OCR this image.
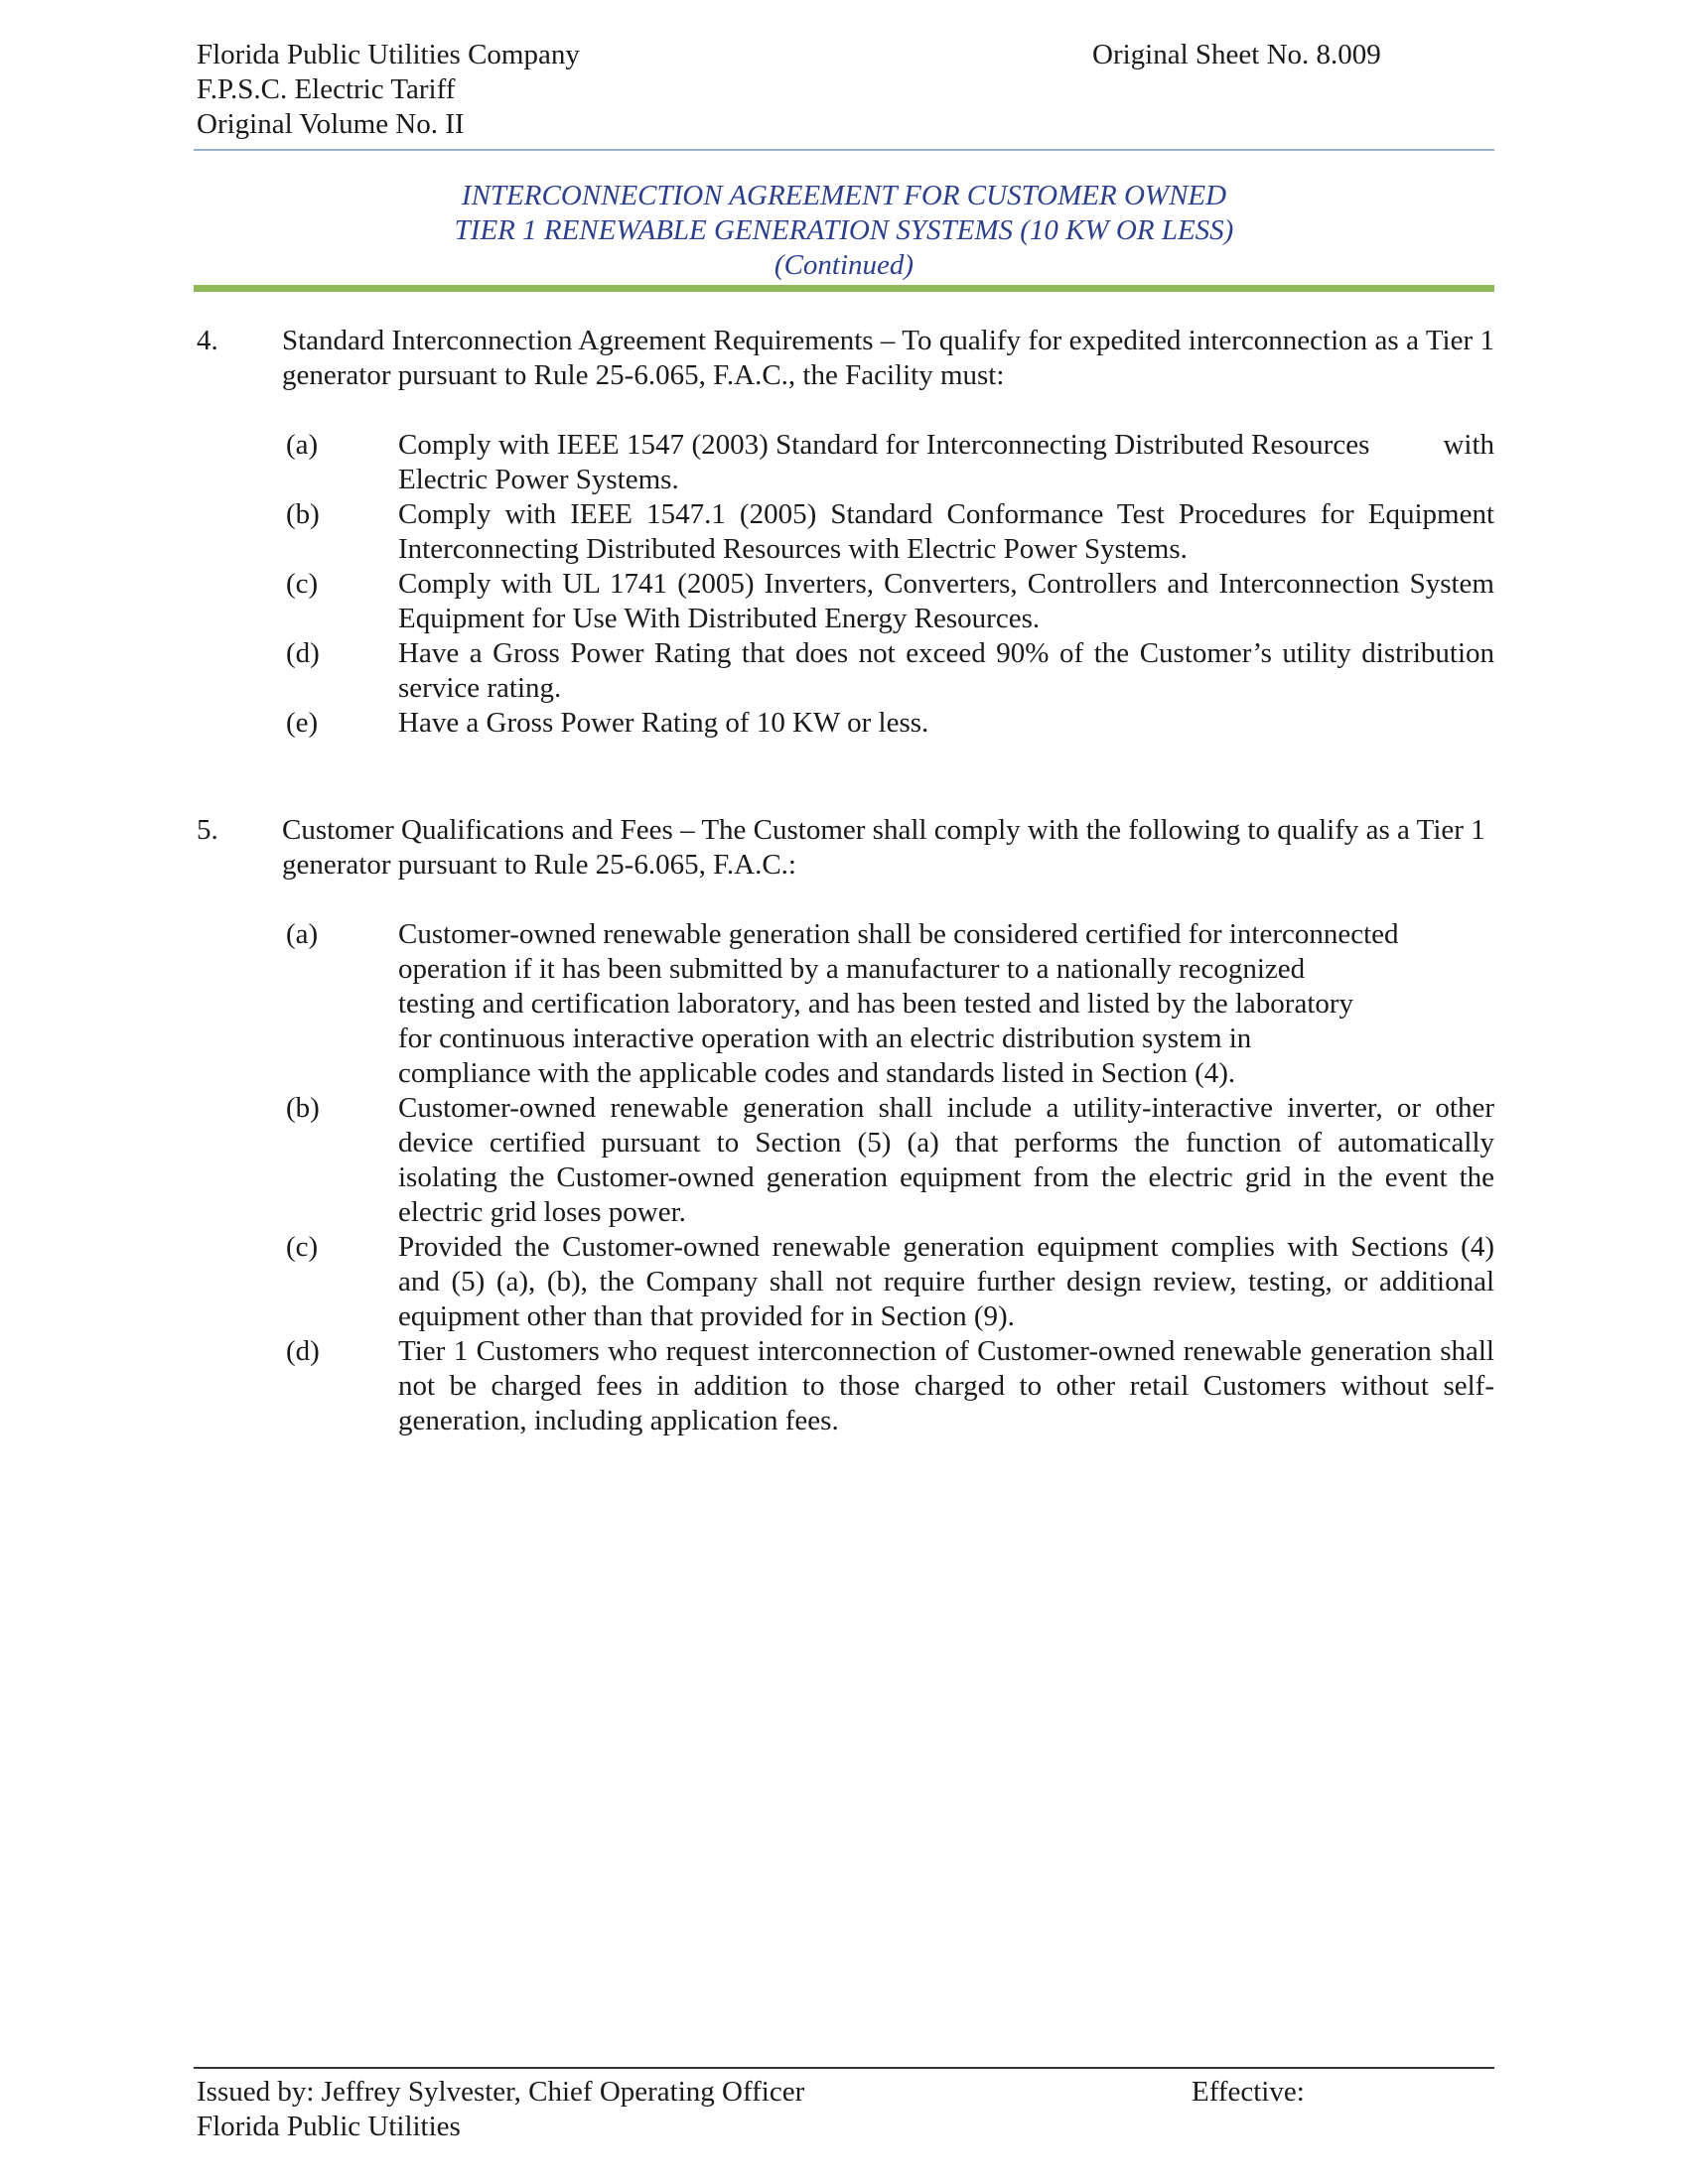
Florida Public Utilities Company
F.P.S.C. Electric Tariff
Original Volume No. II
Original Sheet No. 8.009
INTERCONNECTION AGREEMENT FOR CUSTOMER OWNED
TIER 1 RENEWABLE GENERATION SYSTEMS (10 KW OR LESS)
(Continued)
4. Standard Interconnection Agreement Requirements – To qualify for expedited interconnection as a Tier 1 generator pursuant to Rule 25-6.065, F.A.C., the Facility must:
(a)	Comply with IEEE 1547 (2003) Standard for Interconnecting Distributed Resources          with Electric Power Systems.
(b)	Comply with IEEE 1547.1 (2005) Standard Conformance Test Procedures for Equipment Interconnecting Distributed Resources with Electric Power Systems.
(c)	Comply with UL 1741 (2005) Inverters, Converters, Controllers and Interconnection System Equipment for Use With Distributed Energy Resources.
(d)	Have a Gross Power Rating that does not exceed 90% of the Customer’s utility distribution service rating.
(e)	Have a Gross Power Rating of 10 KW or less.
5. Customer Qualifications and Fees – The Customer shall comply with the following to qualify as a Tier 1 generator pursuant to Rule 25-6.065, F.A.C.:
(a)	Customer-owned renewable generation shall be considered certified for interconnected
operation if it has been submitted by a manufacturer to a nationally recognized
testing and certification laboratory, and has been tested and listed by the laboratory
for continuous interactive operation with an electric distribution system in
compliance with the applicable codes and standards listed in Section (4).
(b)	Customer-owned renewable generation shall include a utility-interactive inverter, or other device certified pursuant to Section (5) (a) that performs the function of automatically isolating the Customer-owned generation equipment from the electric grid in the event the electric grid loses power.
(c)	Provided the Customer-owned renewable generation equipment complies with Sections (4) and (5) (a), (b), the Company shall not require further design review, testing, or additional equipment other than that provided for in Section (9).
(d)	Tier 1 Customers who request interconnection of Customer-owned renewable generation shall not be charged fees in addition to those charged to other retail Customers without self-generation, including application fees.
Issued by: Jeffrey Sylvester, Chief Operating Officer
Florida Public Utilities
Effective:
